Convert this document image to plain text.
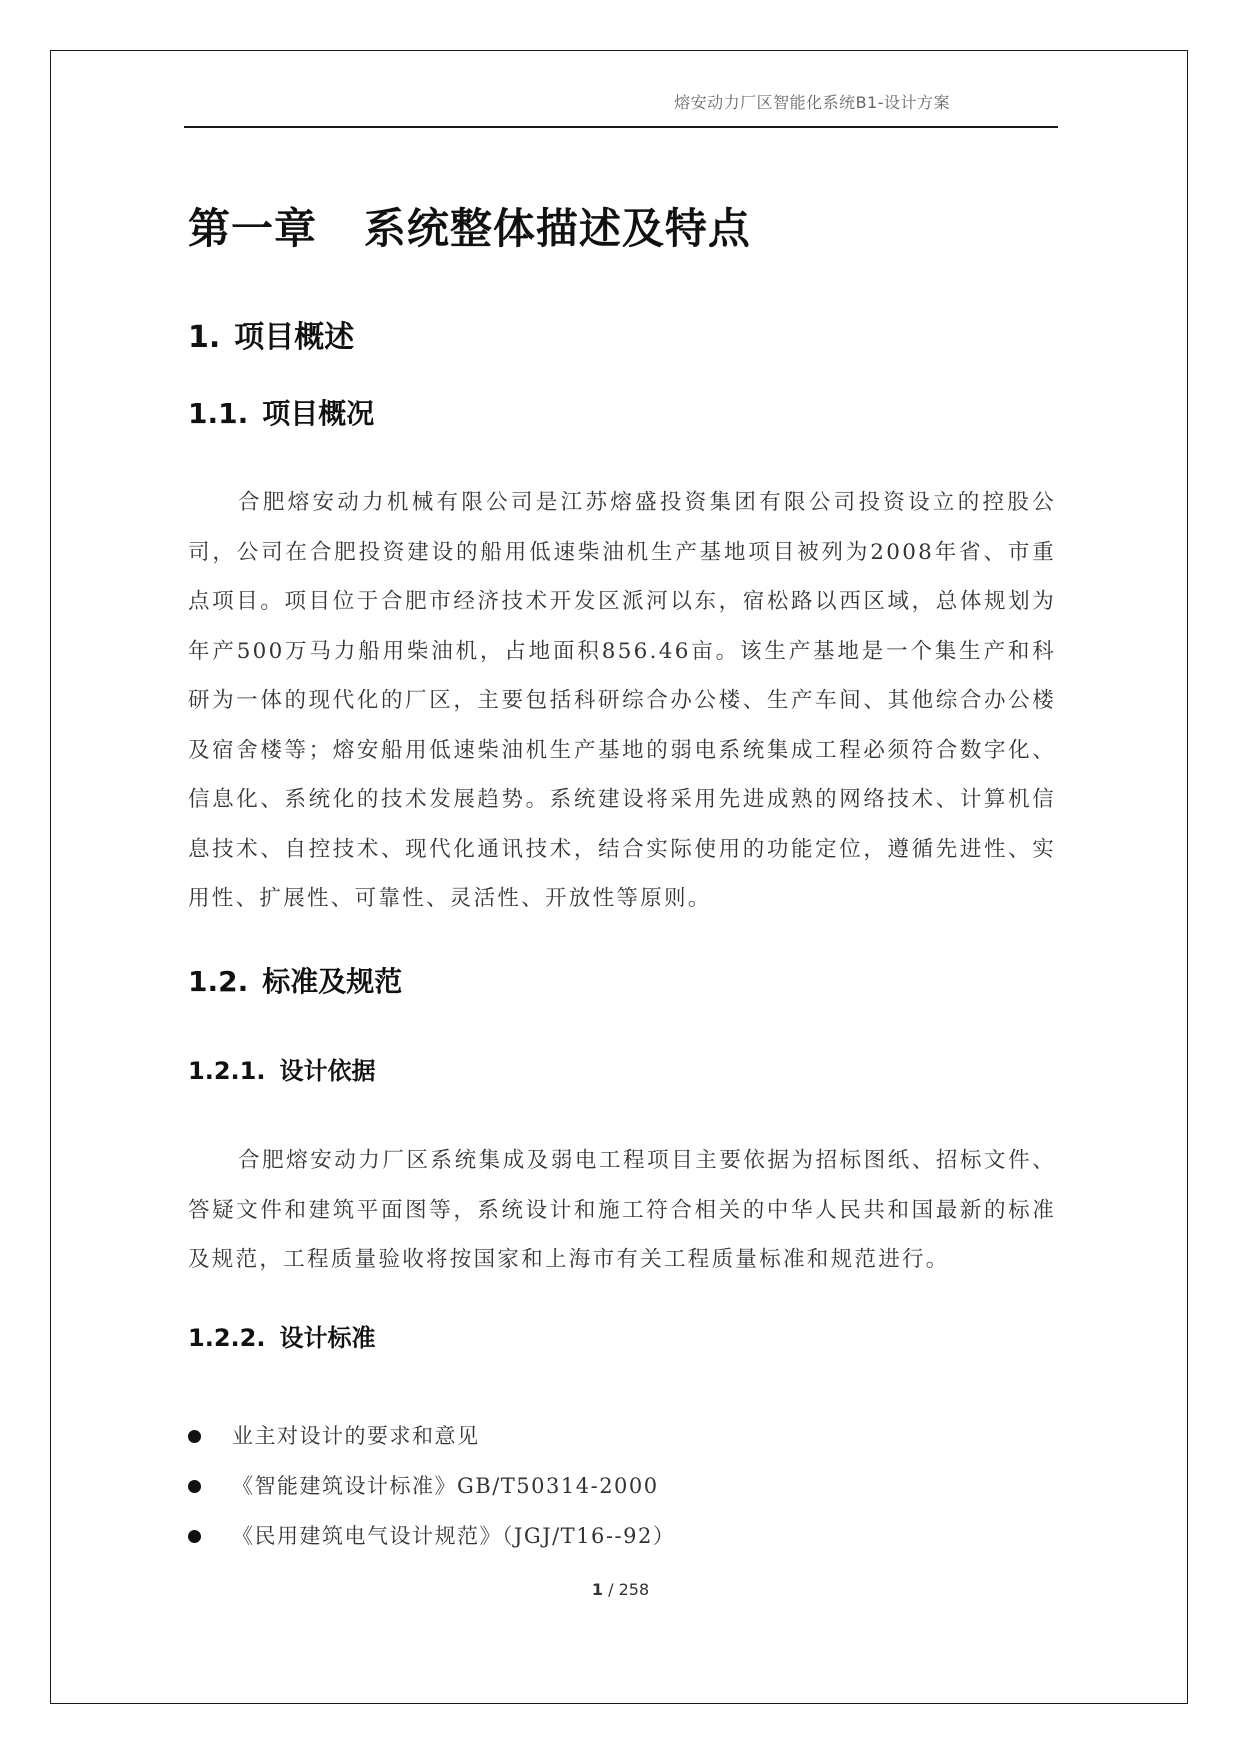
熔安动力厂区智能化系统B1-设计方案
第一章   系统整体描述及特点
1. 项目概述
1.1. 项目概况

合肥熔安动力机械有限公司是江苏熔盛投资集团有限公司投资设立的控股公司，公司在合肥投资建设的船用低速柴油机生产基地项目被列为2008年省、市重点项目。项目位于合肥市经济技术开发区派河以东，宿松路以西区域，总体规划为年产500万马力船用柴油机，占地面积856.46亩。该生产基地是一个集生产和科研为一体的现代化的厂区，主要包括科研综合办公楼、生产车间、其他综合办公楼及宿舍楼等；熔安船用低速柴油机生产基地的弱电系统集成工程必须符合数字化、信息化、系统化的技术发展趋势。系统建设将采用先进成熟的网络技术、计算机信息技术、自控技术、现代化通讯技术，结合实际使用的功能定位，遵循先进性、实用性、扩展性、可靠性、灵活性、开放性等原则。

1.2. 标准及规范
1.2.1. 设计依据

合肥熔安动力厂区系统集成及弱电工程项目主要依据为招标图纸、招标文件、答疑文件和建筑平面图等，系统设计和施工符合相关的中华人民共和国最新的标准及规范，工程质量验收将按国家和上海市有关工程质量标准和规范进行。

1.2.2. 设计标准
业主对设计的要求和意见
《智能建筑设计标准》GB/T50314-2000
《民用建筑电气设计规范》（JGJ/T16--92）
1 / 258
